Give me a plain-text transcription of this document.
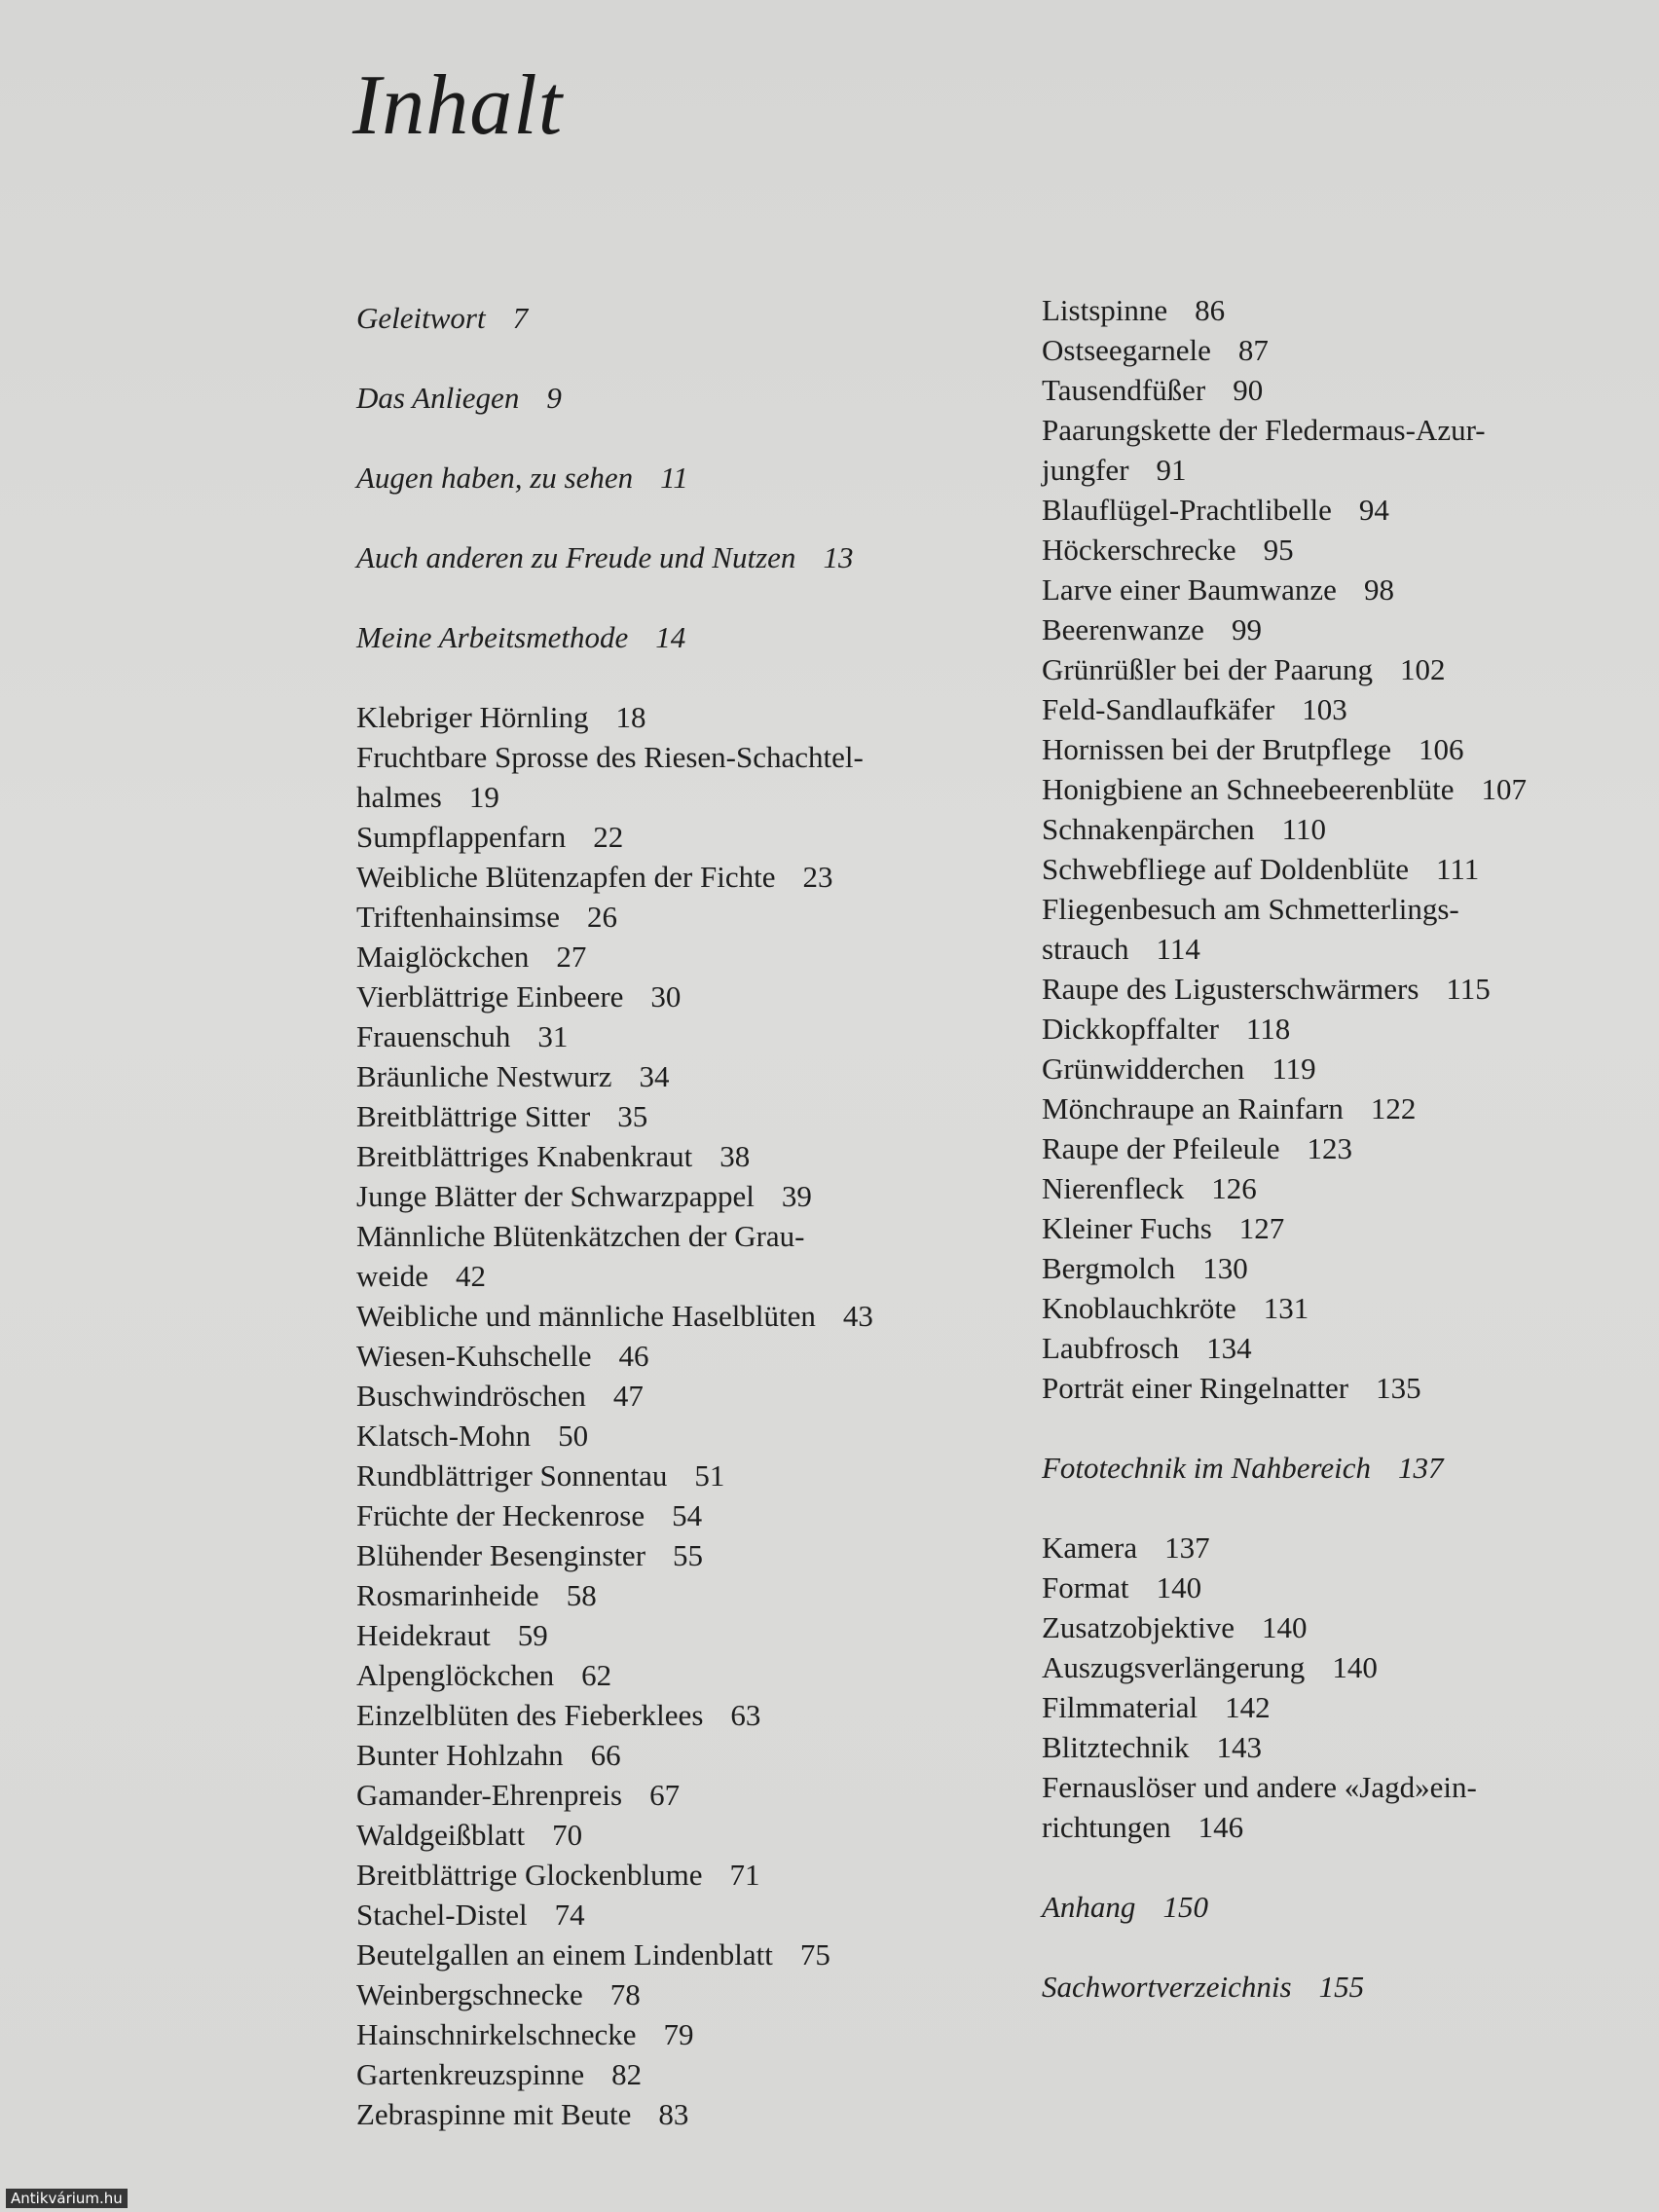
Inhalt

Geleitwort 7

Das Anliegen 9

Augen haben, zu sehen 11

Auch anderen zu Freude und Nutzen 13

Meine Arbeitsmethode 14

Klebriger Hörnling 18

Fruchtbare Sprosse des Riesen-Schachtel-

halmes 19

Sumpflappenfarn 22

Weibliche Blütenzapfen der Fichte 23

Triftenhainsimse 26

Maiglöckchen 27

Vierblättrige Einbeere 30

Frauenschuh 31

Bräunliche Nestwurz 34

Breitblättrige Sitter 35

Breitblättriges Knabenkraut 38

Junge Blätter der Schwarzpappel 39

Männliche Blütenkätzchen der Grau-

weide 42

Weibliche und männliche Haselblüten 43

Wiesen-Kuhschelle 46

Buschwindröschen 47

Klatsch-Mohn 50

Rundblättriger Sonnentau 51

Früchte der Heckenrose 54

Blühender Besenginster 55

Rosmarinheide 58

Heidekraut 59

Alpenglöckchen 62

Einzelblüten des Fieberklees 63

Bunter Hohlzahn 66

Gamander-Ehrenpreis 67

Waldgeißblatt 70

Breitblättrige Glockenblume 71

Stachel-Distel 74

Beutelgallen an einem Lindenblatt 75

Weinbergschnecke 78

Hainschnirkelschnecke 79

Gartenkreuzspinne 82

Zebraspinne mit Beute 83

Listspinne 86

Ostseegarnele 87

Tausendfüßer 90

Paarungskette der Fledermaus-Azur-

jungfer 91

Blauflügel-Prachtlibelle 94

Höckerschrecke 95

Larve einer Baumwanze 98

Beerenwanze 99

Grünrüßler bei der Paarung 102

Feld-Sandlaufkäfer 103

Hornissen bei der Brutpflege 106

Honigbiene an Schneebeerenblüte 107

Schnakenpärchen 110

Schwebfliege auf Doldenblüte 111

Fliegenbesuch am Schmetterlings-

strauch 114

Raupe des Ligusterschwärmers 115

Dickkopffalter 118

Grünwidderchen 119

Mönchraupe an Rainfarn 122

Raupe der Pfeileule 123

Nierenfleck 126

Kleiner Fuchs 127

Bergmolch 130

Knoblauchkröte 131

Laubfrosch 134

Porträt einer Ringelnatter 135

Fototechnik im Nahbereich 137

Kamera 137

Format 140

Zusatzobjektive 140

Auszugsverlängerung 140

Filmmaterial 142

Blitztechnik 143

Fernauslöser und andere «Jagd»ein-

richtungen 146

Anhang 150

Sachwortverzeichnis 155

Antikvárium.hu
